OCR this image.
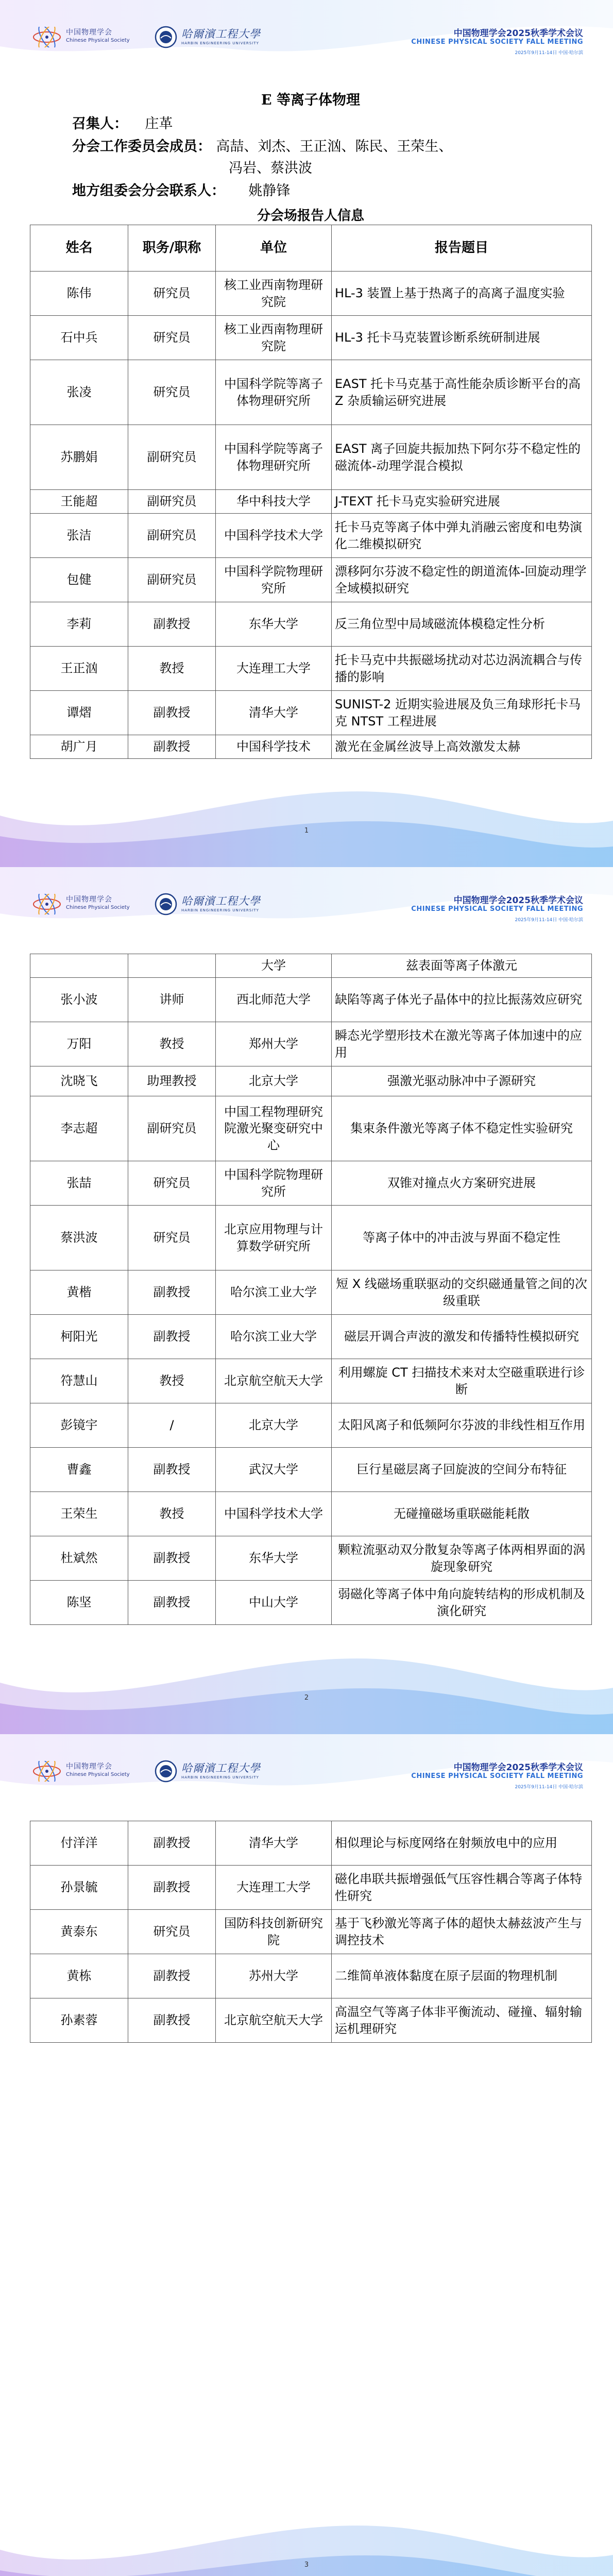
中国物理学会
Chinese Physical Society
哈爾濱工程大學
HARBIN ENGINEERING UNIVERSITY
中国物理学会2025秋季学术会议
CHINESE PHYSICAL SOCIETY FALL MEETING
2025年9月11-14日 中国·哈尔滨
E 等离子体物理
召集人： 庄革
分会工作委员会成员： 高喆、刘杰、王正汹、陈民、王荣生、
冯岩、蔡洪波
地方组委会分会联系人： 姚静锋
分会场报告人信息
姓名	职务/职称	单位	报告题目
陈伟	研究员	核工业西南物理研究院	HL-3 装置上基于热离子的高离子温度实验
石中兵	研究员	核工业西南物理研究院	HL-3 托卡马克装置诊断系统研制进展
张凌	研究员	中国科学院等离子体物理研究所	EAST 托卡马克基于高性能杂质诊断平台的高 Z 杂质输运研究进展
苏鹏娟	副研究员	中国科学院等离子体物理研究所	EAST 离子回旋共振加热下阿尔芬不稳定性的磁流体-动理学混合模拟
王能超	副研究员	华中科技大学	J-TEXT 托卡马克实验研究进展
张洁	副研究员	中国科学技术大学	托卡马克等离子体中弹丸消融云密度和电势演化二维模拟研究
包健	副研究员	中国科学院物理研究所	漂移阿尔芬波不稳定性的朗道流体-回旋动理学全域模拟研究
李莉	副教授	东华大学	反三角位型中局域磁流体模稳定性分析
王正汹	教授	大连理工大学	托卡马克中共振磁场扰动对芯边涡流耦合与传播的影响
谭熠	副教授	清华大学	SUNIST-2 近期实验进展及负三角球形托卡马克 NTST 工程进展
胡广月	副教授	中国科学技术	激光在金属丝波导上高效激发太赫
1
中国物理学会
Chinese Physical Society
哈爾濱工程大學
HARBIN ENGINEERING UNIVERSITY
中国物理学会2025秋季学术会议
CHINESE PHYSICAL SOCIETY FALL MEETING
2025年9月11-14日 中国·哈尔滨
		大学	兹表面等离子体激元
张小波	讲师	西北师范大学	缺陷等离子体光子晶体中的拉比振荡效应研究
万阳	教授	郑州大学	瞬态光学塑形技术在激光等离子体加速中的应用
沈晓飞	助理教授	北京大学	强激光驱动脉冲中子源研究
李志超	副研究员	中国工程物理研究院激光聚变研究中心	集束条件激光等离子体不稳定性实验研究
张喆	研究员	中国科学院物理研究所	双锥对撞点火方案研究进展
蔡洪波	研究员	北京应用物理与计算数学研究所	等离子体中的冲击波与界面不稳定性
黄楷	副教授	哈尔滨工业大学	短 X 线磁场重联驱动的交织磁通量管之间的次级重联
柯阳光	副教授	哈尔滨工业大学	磁层开调合声波的激发和传播特性模拟研究
符慧山	教授	北京航空航天大学	利用螺旋 CT 扫描技术来对太空磁重联进行诊断
彭镜宇	/	北京大学	太阳风离子和低频阿尔芬波的非线性相互作用
曹鑫	副教授	武汉大学	巨行星磁层离子回旋波的空间分布特征
王荣生	教授	中国科学技术大学	无碰撞磁场重联磁能耗散
杜斌然	副教授	东华大学	颗粒流驱动双分散复杂等离子体两相界面的涡旋现象研究
陈坚	副教授	中山大学	弱磁化等离子体中角向旋转结构的形成机制及演化研究
2
中国物理学会
Chinese Physical Society
哈爾濱工程大學
HARBIN ENGINEERING UNIVERSITY
中国物理学会2025秋季学术会议
CHINESE PHYSICAL SOCIETY FALL MEETING
2025年9月11-14日 中国·哈尔滨
付洋洋	副教授	清华大学	相似理论与标度网络在射频放电中的应用
孙景毓	副教授	大连理工大学	磁化串联共振增强低气压容性耦合等离子体特性研究
黄泰东	研究员	国防科技创新研究院	基于飞秒激光等离子体的超快太赫兹波产生与调控技术
黄栋	副教授	苏州大学	二维简单液体黏度在原子层面的物理机制
孙素蓉	副教授	北京航空航天大学	高温空气等离子体非平衡流动、碰撞、辐射输运机理研究
3
